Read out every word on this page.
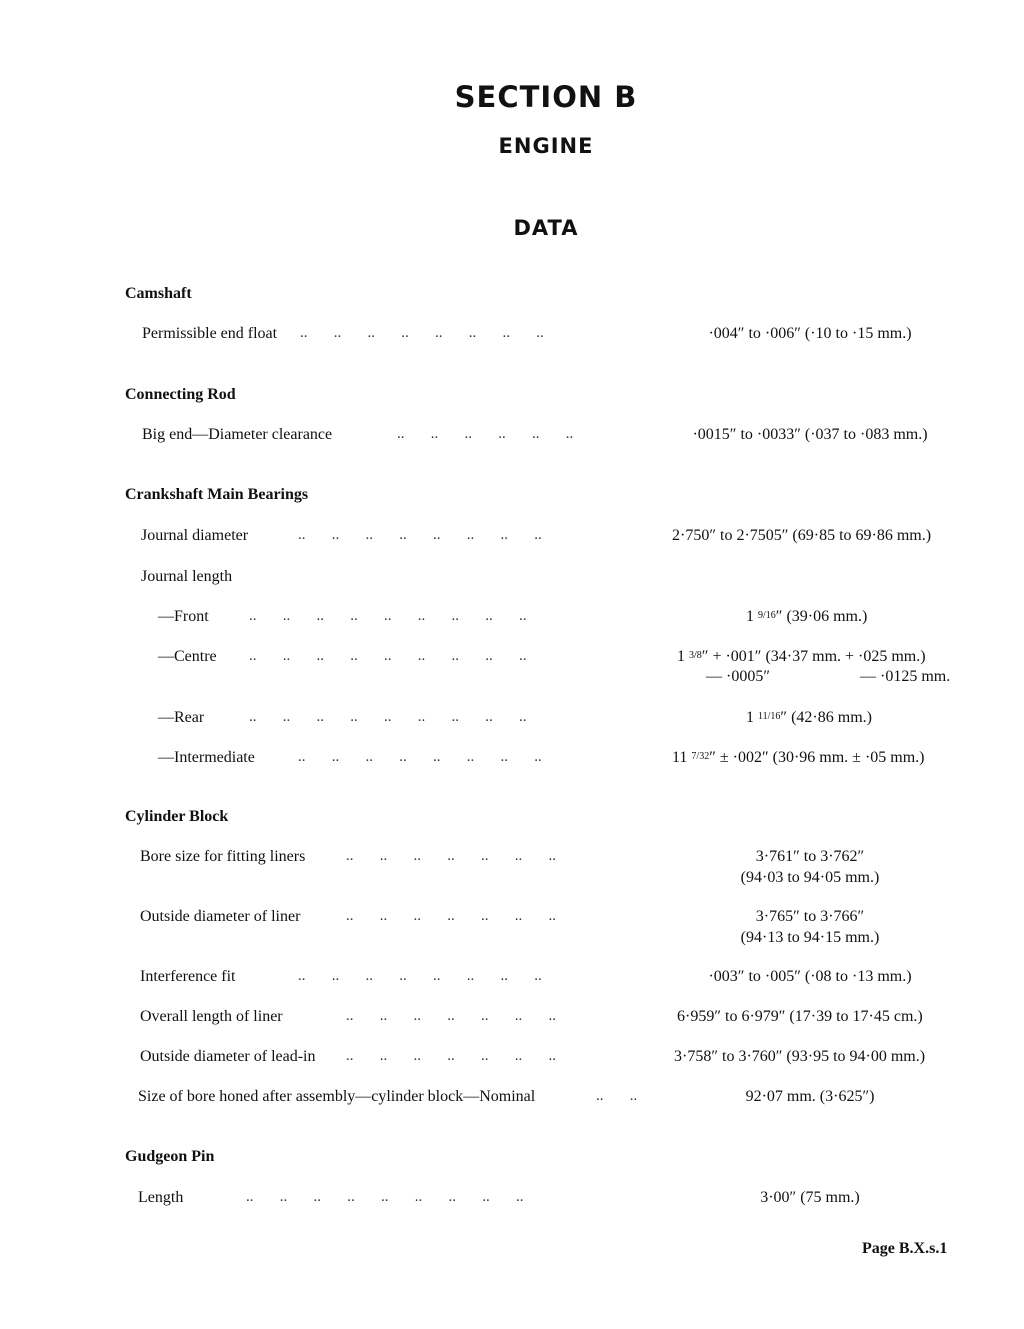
SECTION B
ENGINE
DATA
Camshaft
Permissible end float ..       ..       ..       ..       ..       ..       ..       ..	·004″ to ·006″ (·10 to ·15 mm.)
Connecting Rod
Big end—Diameter clearance	..       ..       ..       ..       ..       ..	·0015″ to ·0033″ (·037 to ·083 mm.)
Crankshaft Main Bearings
Journal diameter	..       ..       ..       ..       ..       ..       ..       ..	2·750″ to 2·7505″ (69·85 to 69·86 mm.)
Journal length
—Front	..       ..       ..       ..       ..       ..       ..       ..       ..	1 $^{9/16}$″ (39·06 mm.)
—Centre ..       ..       ..       ..       ..       ..       ..       ..       ..	1 $^{3/8}$″ + ·001″ (34·37 mm. + ·025 mm.)
— ·0005″	— ·0125 mm.
—Rear	..       ..       ..       ..       ..       ..       ..       ..       ..	1 $^{11/16}$″ (42·86 mm.)
—Intermediate	..       ..       ..       ..       ..       ..       ..       ..	11 $^{7/32}$″ ± ·002″ (30·96 mm. ± ·05 mm.)
Cylinder Block
Bore size for fitting liners	..       ..       ..       ..       ..       ..       ..	3·761″ to 3·762″
(94·03 to 94·05 mm.)
Outside diameter of liner	..       ..       ..       ..       ..       ..       ..	3·765″ to 3·766″
(94·13 to 94·15 mm.)
Interference fit	..       ..       ..       ..       ..       ..       ..       ..	·003″ to ·005″ (·08 to ·13 mm.)
Overall length of liner	..       ..       ..       ..       ..       ..       ..	6·959″ to 6·979″ (17·39 to 17·45 cm.)
Outside diameter of lead-in ..       ..       ..       ..       ..       ..       ..	3·758″ to 3·760″ (93·95 to 94·00 mm.)
Size of bore honed after assembly—cylinder block—Nominal	..       ..	92·07 mm. (3·625″)
Gudgeon Pin
Length	..       ..       ..       ..       ..       ..       ..       ..       ..	3·00″ (75 mm.)
Page B.X.s.1
